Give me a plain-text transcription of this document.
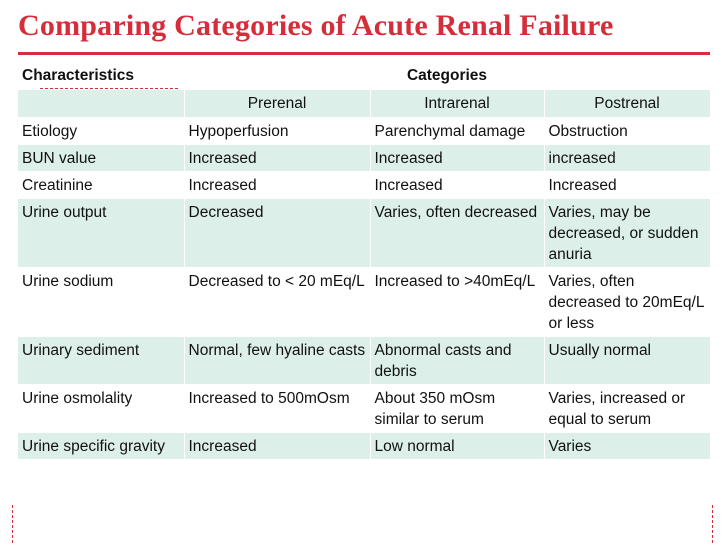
Comparing Categories of Acute Renal Failure
Characteristics	Categories		
	Prerenal	Intrarenal	Postrenal
Etiology	Hypoperfusion	Parenchymal damage	Obstruction
BUN value	Increased	Increased	increased
Creatinine	Increased	Increased	Increased
Urine output	Decreased	Varies, often decreased	Varies, may be decreased, or sudden anuria
Urine sodium	Decreased to < 20 mEq/L	Increased to >40mEq/L	Varies, often decreased to 20mEq/L or less
Urinary sediment	Normal, few hyaline casts	Abnormal casts and debris	Usually normal
Urine osmolality	Increased to 500mOsm	About 350 mOsm similar to serum	Varies, increased or equal to serum
Urine specific gravity	Increased	Low normal	Varies
